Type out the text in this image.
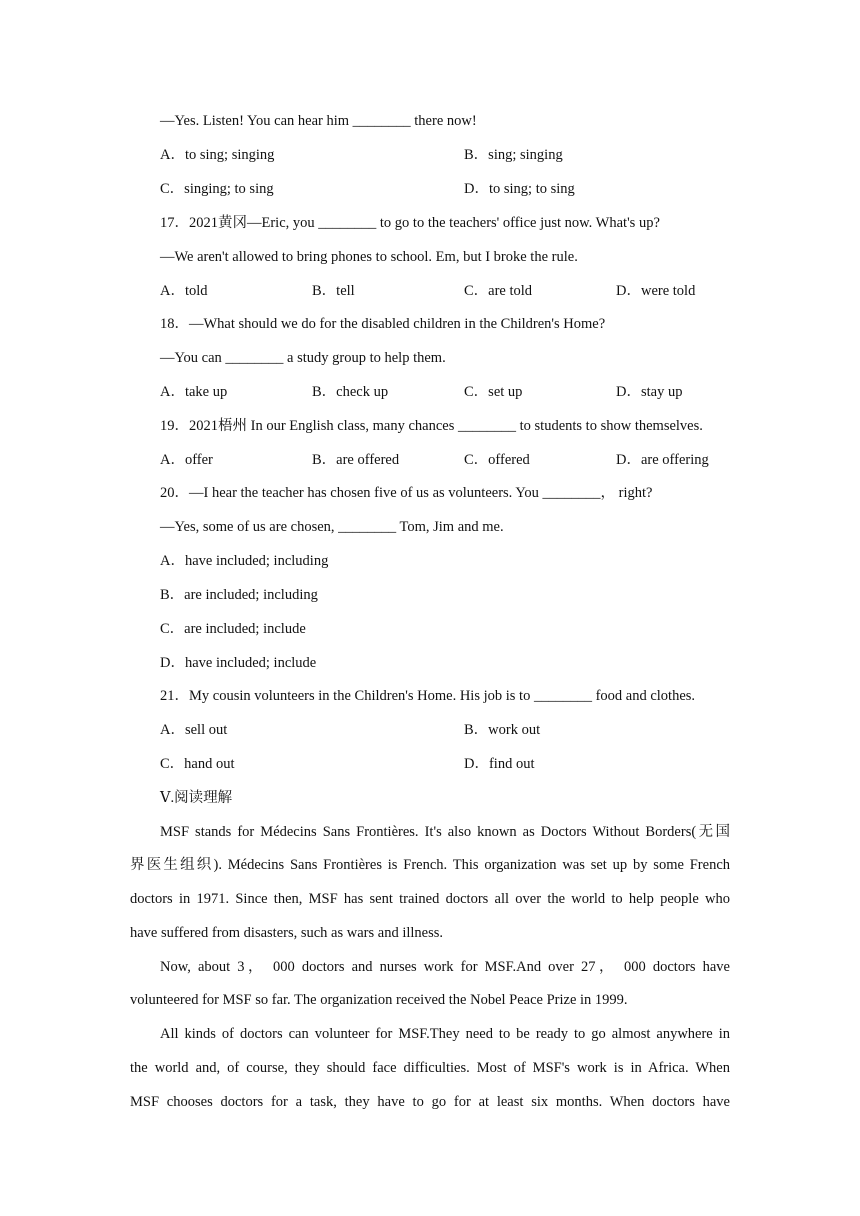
—Yes. Listen! You can hear him ________ there now!
A．to sing; singing	B．sing; singing
C．singing; to sing	D．to sing; to sing
17．2021黄冈—Eric, you ________ to go to the teachers' office just now. What's up?
—We aren't allowed to bring phones to school. Em, but I broke the rule.
A．told	B．tell	C．are told	D．were told
18．—What should we do for the disabled children in the Children's Home?
—You can ________ a study group to help them.
A．take up	B．check up	C．set up	D．stay up
19．2021梧州 In our English class, many chances ________ to students to show themselves.
A．offer	B．are offered	C．offered	D．are offering
20．—I hear the teacher has chosen five of us as volunteers. You ________， right?
—Yes, some of us are chosen, ________ Tom, Jim and me.
A．have included; including
B．are included; including
C．are included; include
D．have included; include
21．My cousin volunteers in the Children's Home. His job is to ________ food and clothes.
A．sell out	B．work out
C．hand out	D．find out
Ⅴ.阅读理解
MSF stands for Médecins Sans Frontières. It's also known as Doctors Without Borders(无国
界医生组织). Médecins Sans Frontières is French. This organization was set up by some French
doctors in 1971. Since then, MSF has sent trained doctors all over the world to help people who
have suffered from disasters, such as wars and illness.
Now, about 3， 000 doctors and nurses work for MSF.And over 27， 000 doctors have
volunteered for MSF so far. The organization received the Nobel Peace Prize in 1999.
All kinds of doctors can volunteer for MSF.They need to be ready to go almost anywhere in
the world and, of course, they should face difficulties. Most of MSF's work is in Africa. When
MSF chooses doctors for a task, they have to go for at least six months. When doctors have
